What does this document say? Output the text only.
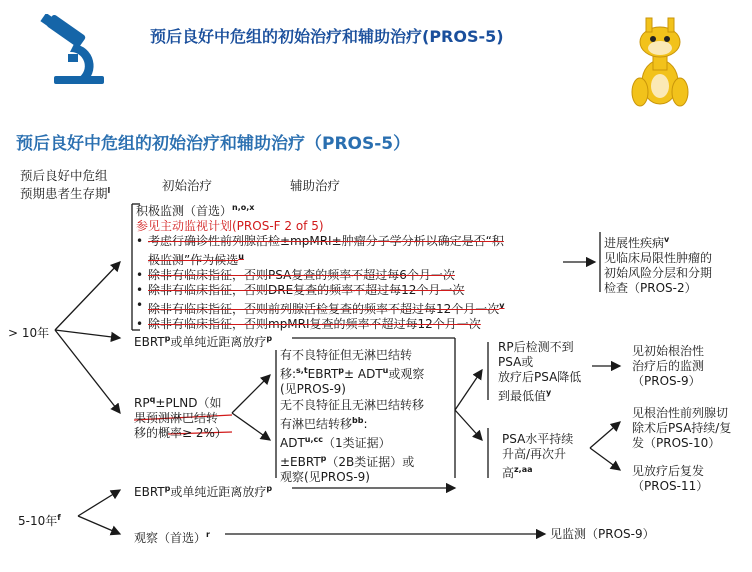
预后良好中危组的初始治疗和辅助治疗(PROS-5)
预后良好中危组的初始治疗和辅助治疗（PROS-5）
预后良好中危组
预期患者生存期$^l$	初始治疗	辅助治疗
> 10年
5-10年$^f$
积极监测（首选）$^{n,o,x}$
参见主动监视计划(PROS-F 2 of 5)
• 考虑行确诊性前列腺活检±mpMRI±肿瘤分子学分析以确定是否“积
极监测”作为候选$^u$
• 除非有临床指征，否则PSA复查的频率不超过每6个月一次
• 除非有临床指征，否则DRE复查的频率不超过每12个月一次
• 除非有临床指征，否则前列腺活检复查的频率不超过每12个月一次$^v$
• 除非有临床指征，否则mpMRI复查的频率不超过每12个月一次
进展性疾病$^v$
见临床局限性肿瘤的
初始风险分层和分期
检查（PROS-2）
EBRT$^p$或单纯近距离放疗$^p$
$RP^q\pm PLND$（如
果预测淋巴结转
移的概率≥ 2%）
有不良特征但无淋巴结转
移$:^{s,t}EBRT^p\pm ADT^u$或观察
(见PROS-9)
无不良特征且无淋巴结转移
有淋巴结转移$^{bb}$:
$ADT^{u,cc}(1$类证据）
$\pm EBRT^p(2B$类证据）或
观察(见PROS-9)
RP后检测不到
PSA或
放疗后PSA降低
到最低值$^y$
见初始根治性
治疗后的监测
（PROS-9）
PSA水平持续
升高/再次升
高$^{z,aa}$
见根治性前列腺切
除术后PSA持续/复
发（PROS-10）
见放疗后复发
（PROS-11）
EBRT$^p$或单纯近距离放疗$^p$
观察（首选）$^r$	见监测（PROS-9）
